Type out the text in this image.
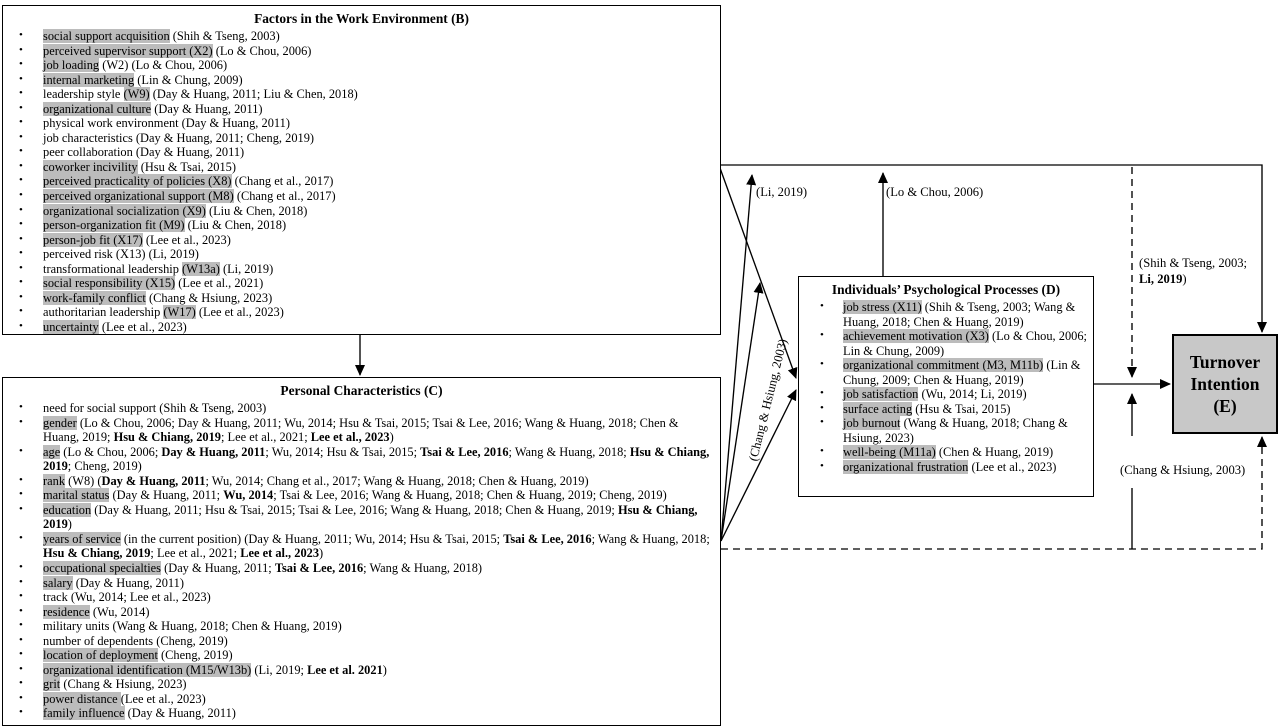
Factors in the Work Environment (B)
• social support acquisition (Shih & Tseng, 2003)
• perceived supervisor support (X2) (Lo & Chou, 2006)
• job loading (W2) (Lo & Chou, 2006)
• internal marketing (Lin & Chung, 2009)
• leadership style (W9) (Day & Huang, 2011; Liu & Chen, 2018)
• organizational culture (Day & Huang, 2011)
• physical work environment (Day & Huang, 2011)
• job characteristics (Day & Huang, 2011; Cheng, 2019)
• peer collaboration (Day & Huang, 2011)
• coworker incivility (Hsu & Tsai, 2015)
• perceived practicality of policies (X8) (Chang et al., 2017)
• perceived organizational support (M8) (Chang et al., 2017)
• organizational socialization (X9) (Liu & Chen, 2018)
• person-organization fit (M9) (Liu & Chen, 2018)
• person-job fit (X17) (Lee et al., 2023)
• perceived risk (X13) (Li, 2019)
• transformational leadership (W13a) (Li, 2019)
• social responsibility (X15) (Lee et al., 2021)
• work-family conflict (Chang & Hsiung, 2023)
• authoritarian leadership (W17) (Lee et al., 2023)
• uncertainty (Lee et al., 2023)
Personal Characteristics (C)
• need for social support (Shih & Tseng, 2003)
• gender (Lo & Chou, 2006; Day & Huang, 2011; Wu, 2014; Hsu & Tsai, 2015; Tsai & Lee, 2016; Wang & Huang, 2018; Chen & Huang, 2019; Hsu & Chiang, 2019; Lee et al., 2021; Lee et al., 2023)
• age (Lo & Chou, 2006; Day & Huang, 2011; Wu, 2014; Hsu & Tsai, 2015; Tsai & Lee, 2016; Wang & Huang, 2018; Hsu & Chiang, 2019; Cheng, 2019)
• rank (W8) (Day & Huang, 2011; Wu, 2014; Chang et al., 2017; Wang & Huang, 2018; Chen & Huang, 2019)
• marital status (Day & Huang, 2011; Wu, 2014; Tsai & Lee, 2016; Wang & Huang, 2018; Chen & Huang, 2019; Cheng, 2019)
• education (Day & Huang, 2011; Hsu & Tsai, 2015; Tsai & Lee, 2016; Wang & Huang, 2018; Chen & Huang, 2019; Hsu & Chiang, 2019)
• years of service (in the current position) (Day & Huang, 2011; Wu, 2014; Hsu & Tsai, 2015; Tsai & Lee, 2016; Wang & Huang, 2018; Hsu & Chiang, 2019; Lee et al., 2021; Lee et al., 2023)
• occupational specialties (Day & Huang, 2011; Tsai & Lee, 2016; Wang & Huang, 2018)
• salary (Day & Huang, 2011)
• track (Wu, 2014; Lee et al., 2023)
• residence (Wu, 2014)
• military units (Wang & Huang, 2018; Chen & Huang, 2019)
• number of dependents (Cheng, 2019)
• location of deployment (Cheng, 2019)
• organizational identification (M15/W13b) (Li, 2019; Lee et al. 2021)
• grit (Chang & Hsiung, 2023)
• power distance (Lee et al., 2023)
• family influence (Day & Huang, 2011)
Individuals’ Psychological Processes (D)
• job stress (X11) (Shih & Tseng, 2003; Wang & Huang, 2018; Chen & Huang, 2019)
• achievement motivation (X3) (Lo & Chou, 2006; Lin & Chung, 2009)
• organizational commitment (M3, M11b) (Lin & Chung, 2009; Chen & Huang, 2019)
• job satisfaction (Wu, 2014; Li, 2019)
• surface acting (Hsu & Tsai, 2015)
• job burnout (Wang & Huang, 2018; Chang & Hsiung, 2023)
• well-being (M11a) (Chen & Huang, 2019)
• organizational frustration (Lee et al., 2023)
Turnover
Intention
(E)
(Li, 2019)	(Lo & Chou, 2006)
(Chang & Hsiung, 2003)
(Shih & Tseng, 2003;
Li, 2019)
(Chang & Hsiung, 2003)
